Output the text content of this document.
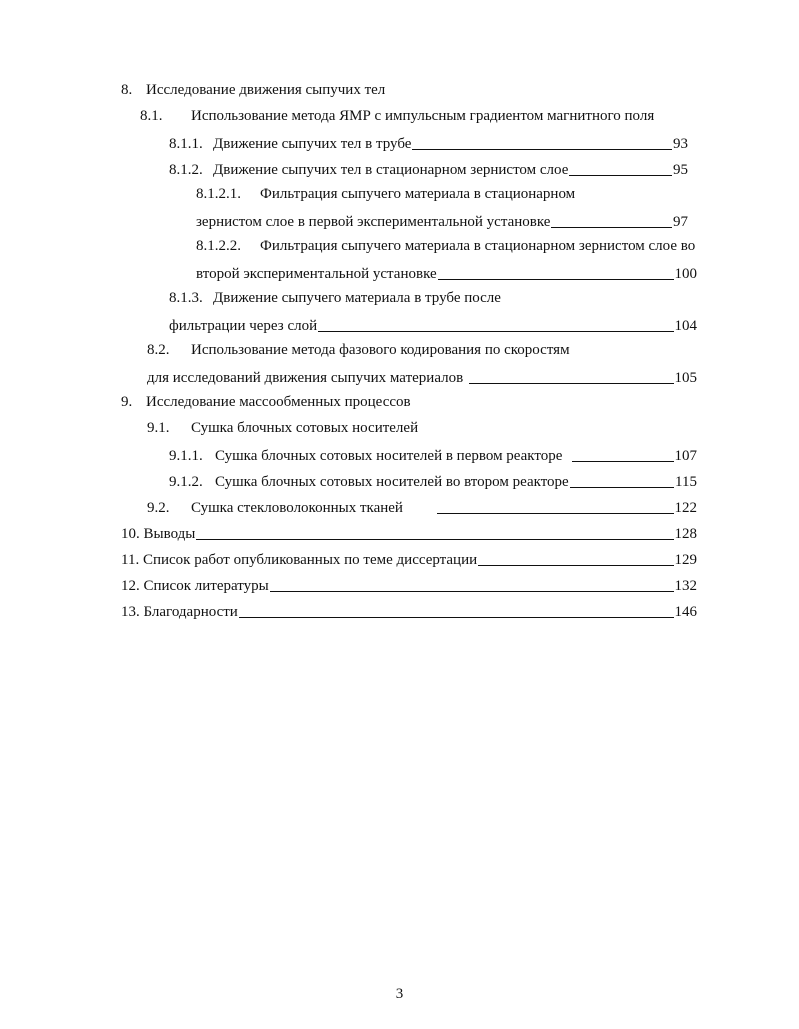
8. Исследование движения сыпучих тел
8.1. Использование метода ЯМР с импульсным градиентом магнитного поля
8.1.1. Движение сыпучих тел в трубе	93
8.1.2. Движение сыпучих тел в стационарном зернистом слое	95
8.1.2.1. Фильтрация сыпучего материала в стационарном
зернистом слое в первой экспериментальной установке	97
8.1.2.2. Фильтрация сыпучего материала в стационарном зернистом слое во
второй экспериментальной установке	100
8.1.3. Движение сыпучего материала в трубе после
фильтрации через слой	104
8.2. Использование метода фазового кодирования по скоростям
для исследований движения сыпучих материалов	105
9. Исследование массообменных процессов
9.1. Сушка блочных сотовых носителей
9.1.1. Сушка блочных сотовых носителей в первом реакторе	107
9.1.2. Сушка блочных сотовых носителей во втором реакторе	115
9.2.	Сушка стекловолоконных тканей	122
10. Выводы	128
11. Список работ опубликованных по теме диссертации	129
12. Список литературы	132
13. Благодарности	146
3
